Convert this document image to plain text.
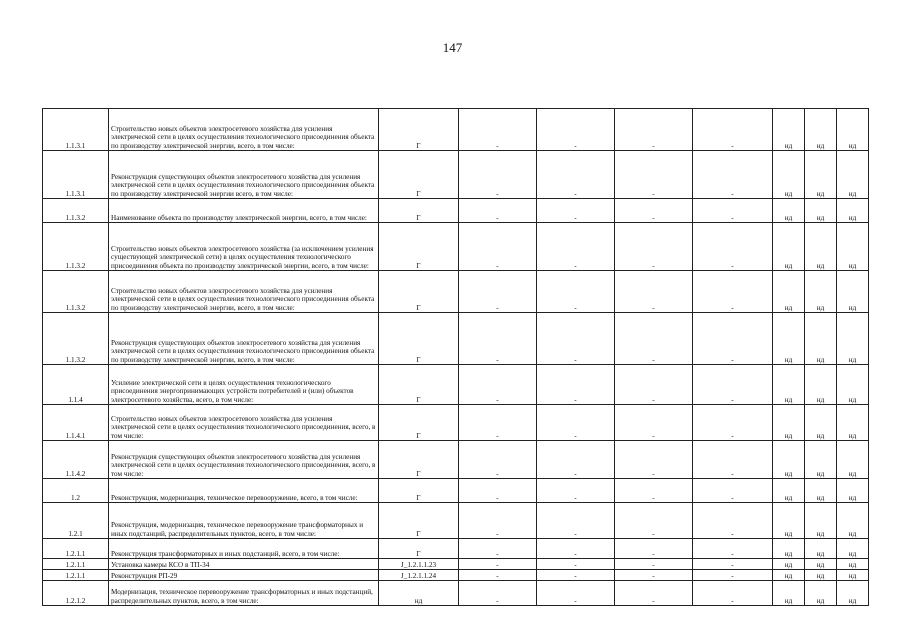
147
1.1.3.1	Строительство новых объектов электросетевого хозяйства для усиления электрической сети в целях осуществления технологического присоединения объекта по производству электрической энергии, всего, в том числе:	Г	-	-	-	-	нд	нд	нд
1.1.3.1	Реконструкция существующих объектов электросетевого хозяйства для усиления электрической сети в целях осуществления технологического присоединения объекта по производству электрической энергии всего, в том числе:	Г	-	-	-	-	нд	нд	нд
1.1.3.2	Наименование объекта по производству электрической энергии, всего, в том числе:	Г	-	-	-	-	нд	нд	нд
1.1.3.2	Строительство новых объектов электросетевого хозяйства (за исключением усиления существующей электрической сети) в целях осуществления технологического присоединения объекта по производству электрической энергии, всего, в том числе:	Г	-	-	-	-	нд	нд	нд
1.1.3.2	Строительство новых объектов электросетевого хозяйства для усиления электрической сети в целях осуществления технологического присоединения объекта по производству электрической энергии, всего, в том числе:	Г	-	-	-	-	нд	нд	нд
1.1.3.2	Реконструкция существующих объектов электросетевого хозяйства для усиления электрической сети в целях осуществления технологического присоединения объекта по производству электрической энергии, всего, в том числе:	Г	-	-	-	-	нд	нд	нд
1.1.4	Усиление электрической сети в целях осуществления технологического присоединения энергопринимающих устройств потребителей и (или) объектов электросетевого хозяйства, всего, в том числе:	Г	-	-	-	-	нд	нд	нд
1.1.4.1	Строительство новых объектов электросетевого хозяйства для усиления электрической сети в целях осуществления технологического присоединения, всего, в том числе:	Г	-	-	-	-	нд	нд	нд
1.1.4.2	Реконструкция существующих объектов электросетевого хозяйства для усиления электрической сети в целях осуществления технологического присоединения, всего, в том числе:	Г	-	-	-	-	нд	нд	нд
1.2	Реконструкция, модернизация, техническое перевооружение, всего, в том числе:	Г	-	-	-	-	нд	нд	нд
1.2.1	Реконструкция, модернизация, техническое перевооружение трансформаторных и иных подстанций, распределительных пунктов, всего, в том числе:	Г	-	-	-	-	нд	нд	нд
1.2.1.1	Реконструкция трансформаторных и иных подстанций, всего, в том числе:	Г	-	-	-	-	нд	нд	нд
1.2.1.1	Установка камеры КСО в ТП-34	J_1.2.1.1.23	-	-	-	-	нд	нд	нд
1.2.1.1	Реконструкция РП-29	J_1.2.1.1.24	-	-	-	-	нд	нд	нд
1.2.1.2	Модернизация, техническое перевооружение трансформаторных и иных подстанций, распределительных пунктов, всего, в том числе:	нд	-	-	-	-	нд	нд	нд
